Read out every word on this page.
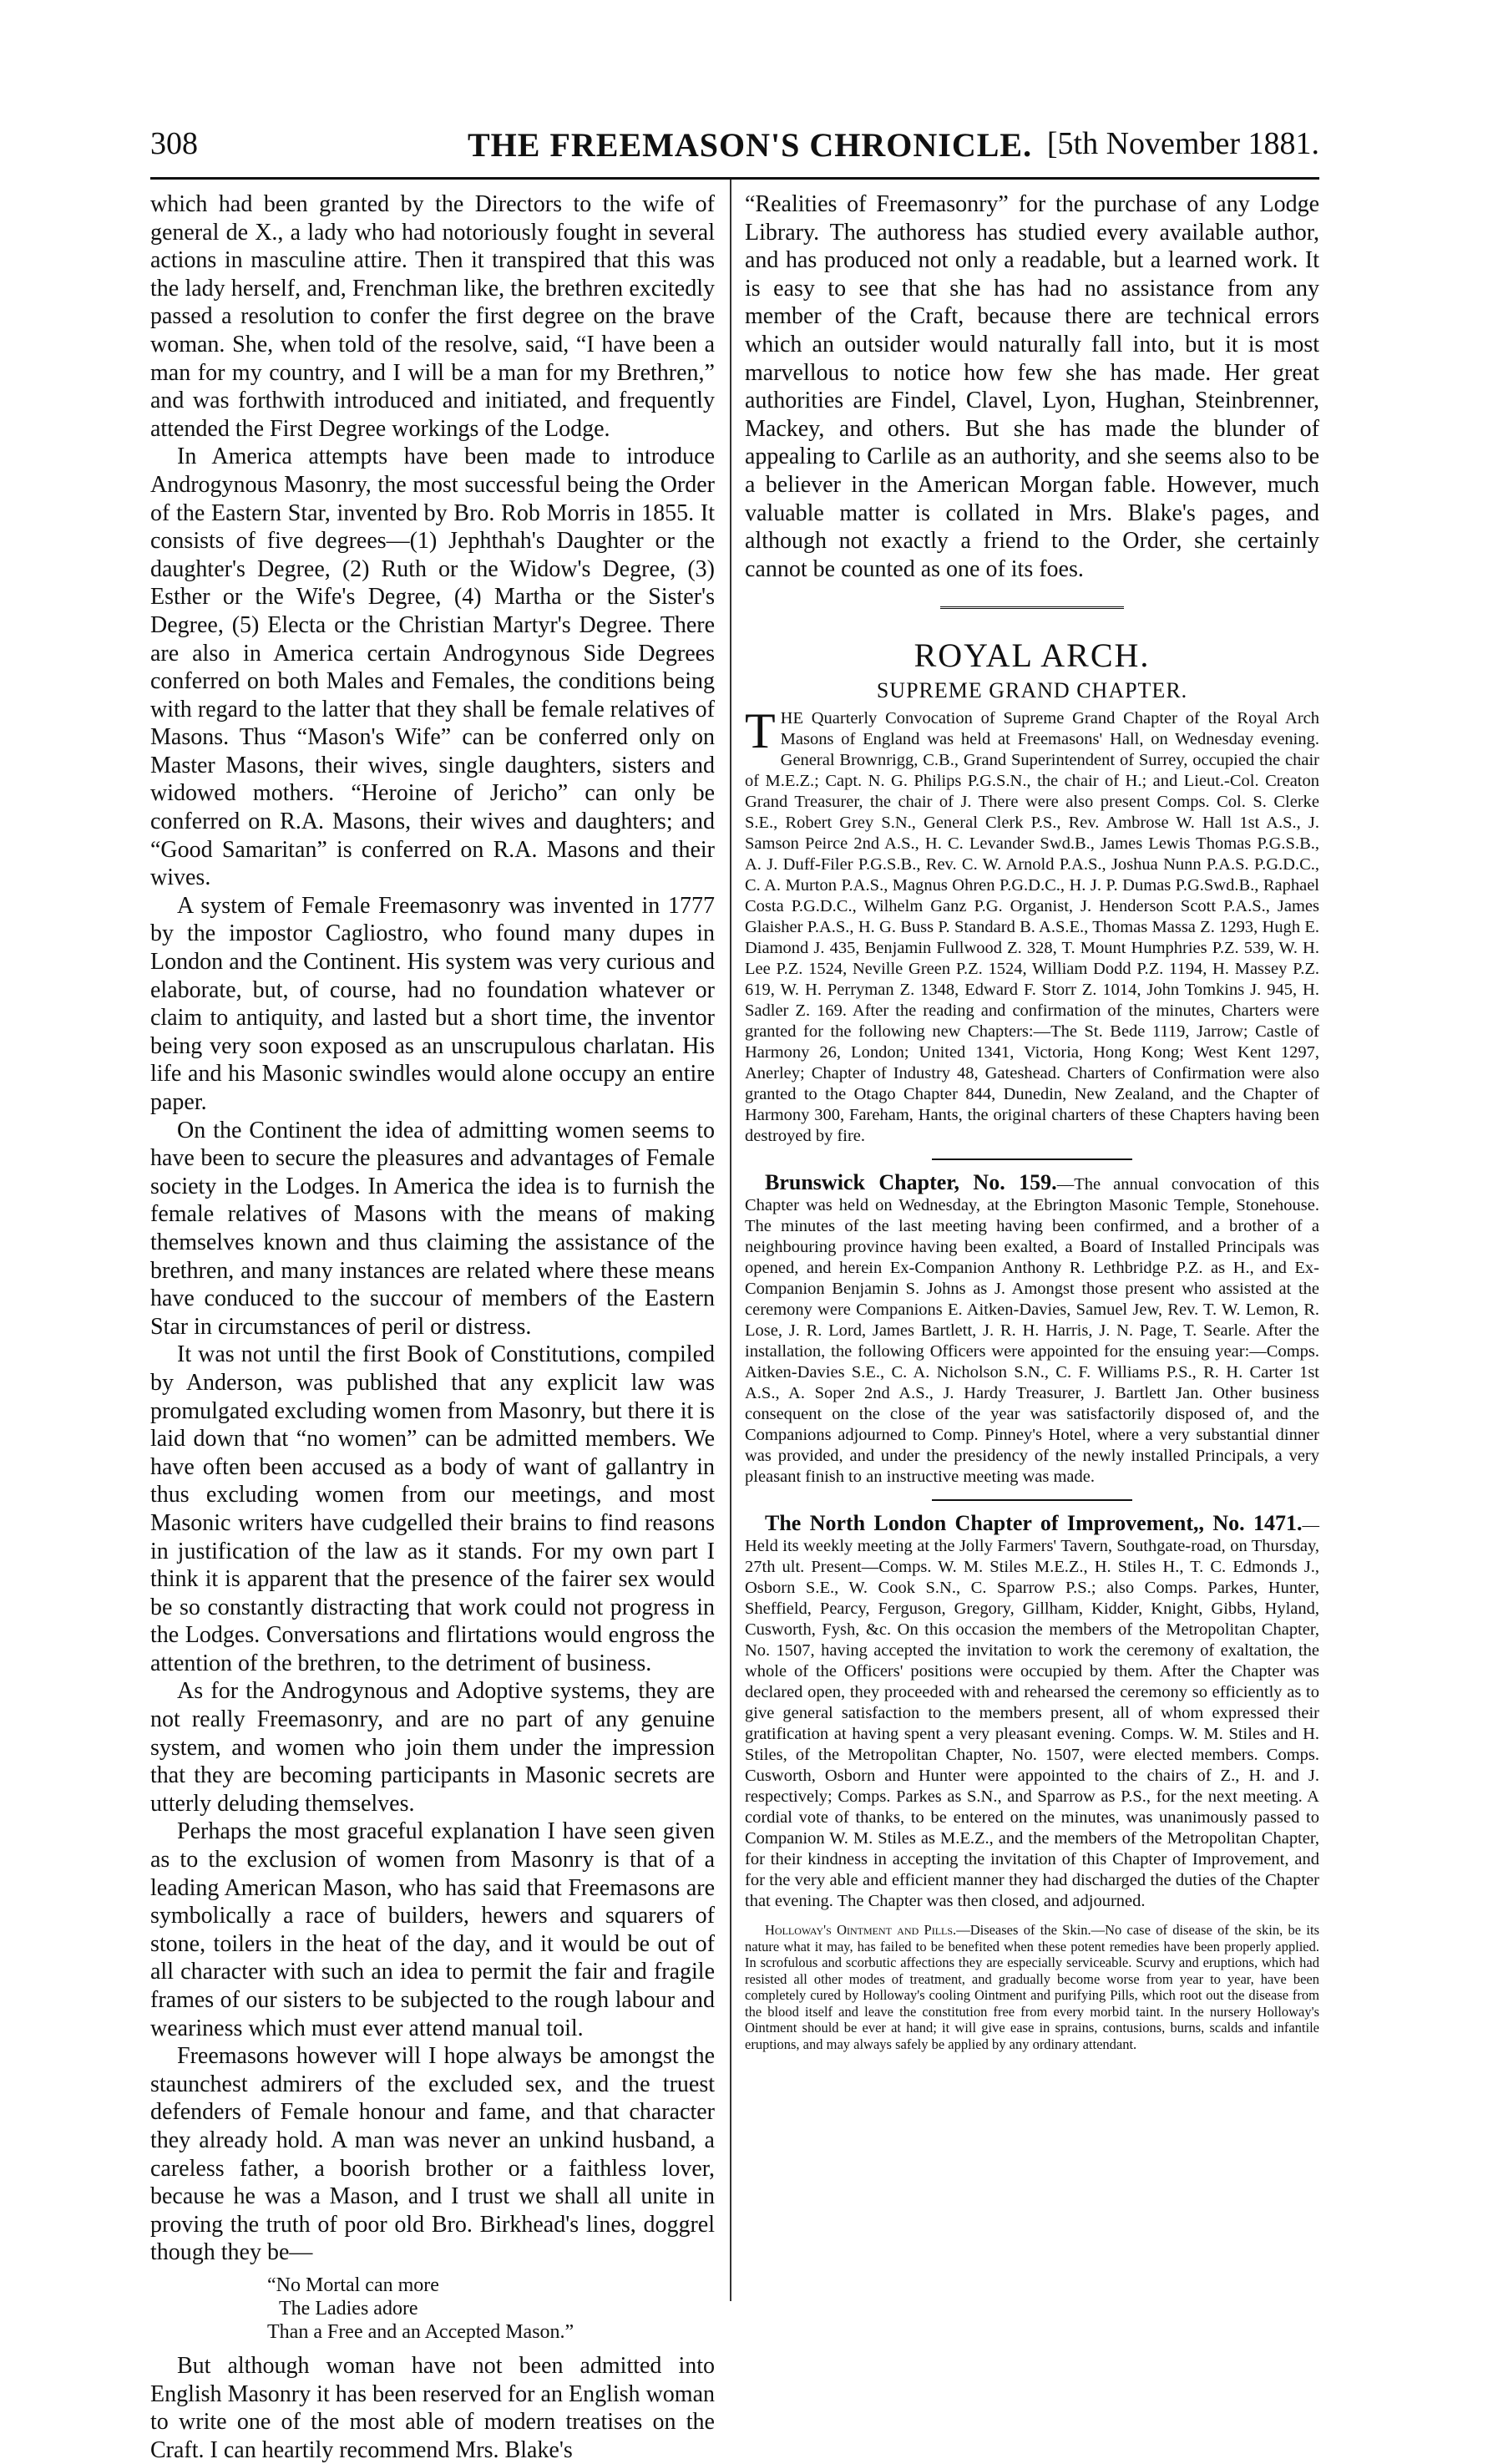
308	THE FREEMASON'S CHRONICLE. [5th November 1881.

which had been granted by the Directors to the wife of general de X., a lady who had notoriously fought in several actions in masculine attire. Then it transpired that this was the lady herself, and, Frenchman like, the brethren excitedly passed a resolution to confer the first degree on the brave woman. She, when told of the resolve, said, “I have been a man for my country, and I will be a man for my Brethren,” and was forthwith introduced and initiated, and frequently attended the First Degree workings of the Lodge.

In America attempts have been made to introduce Androgynous Masonry, the most successful being the Order of the Eastern Star, invented by Bro. Rob Morris in 1855. It consists of five degrees—(1) Jephthah's Daughter or the daughter's Degree, (2) Ruth or the Widow's Degree, (3) Esther or the Wife's Degree, (4) Martha or the Sister's Degree, (5) Electa or the Christian Martyr's Degree. There are also in America certain Androgynous Side Degrees conferred on both Males and Females, the conditions being with regard to the latter that they shall be female relatives of Masons. Thus “Mason's Wife” can be conferred only on Master Masons, their wives, single daughters, sisters and widowed mothers. “Heroine of Jericho” can only be conferred on R.A. Masons, their wives and daughters; and “Good Samaritan” is conferred on R.A. Masons and their wives.

A system of Female Freemasonry was invented in 1777 by the impostor Cagliostro, who found many dupes in London and the Continent. His system was very curious and elaborate, but, of course, had no foundation whatever or claim to antiquity, and lasted but a short time, the inventor being very soon exposed as an unscrupulous charlatan. His life and his Masonic swindles would alone occupy an entire paper.

On the Continent the idea of admitting women seems to have been to secure the pleasures and advantages of Female society in the Lodges. In America the idea is to furnish the female relatives of Masons with the means of making themselves known and thus claiming the assistance of the brethren, and many instances are related where these means have conduced to the succour of members of the Eastern Star in circumstances of peril or distress.

It was not until the first Book of Constitutions, compiled by Anderson, was published that any explicit law was promulgated excluding women from Masonry, but there it is laid down that “no women” can be admitted members. We have often been accused as a body of want of gallantry in thus excluding women from our meetings, and most Masonic writers have cudgelled their brains to find reasons in justification of the law as it stands. For my own part I think it is apparent that the presence of the fairer sex would be so constantly distracting that work could not progress in the Lodges. Conversations and flirtations would engross the attention of the brethren, to the detriment of business.

As for the Androgynous and Adoptive systems, they are not really Freemasonry, and are no part of any genuine system, and women who join them under the impression that they are becoming participants in Masonic secrets are utterly deluding themselves.

Perhaps the most graceful explanation I have seen given as to the exclusion of women from Masonry is that of a leading American Mason, who has said that Freemasons are symbolically a race of builders, hewers and squarers of stone, toilers in the heat of the day, and it would be out of all character with such an idea to permit the fair and fragile frames of our sisters to be subjected to the rough labour and weariness which must ever attend manual toil.

Freemasons however will I hope always be amongst the staunchest admirers of the excluded sex, and the truest defenders of Female honour and fame, and that character they already hold. A man was never an unkind husband, a careless father, a boorish brother or a faithless lover, because he was a Mason, and I trust we shall all unite in proving the truth of poor old Bro. Birkhead's lines, doggrel though they be—

“No Mortal can more
The Ladies adore
Than a Free and an Accepted Mason.”

But although woman have not been admitted into English Masonry it has been reserved for an English woman to write one of the most able of modern treatises on the Craft. I can heartily recommend Mrs. Blake's

“Realities of Freemasonry” for the purchase of any Lodge Library. The authoress has studied every available author, and has produced not only a readable, but a learned work. It is easy to see that she has had no assistance from any member of the Craft, because there are technical errors which an outsider would naturally fall into, but it is most marvellous to notice how few she has made. Her great authorities are Findel, Clavel, Lyon, Hughan, Steinbrenner, Mackey, and others. But she has made the blunder of appealing to Carlile as an authority, and she seems also to be a believer in the American Morgan fable. However, much valuable matter is collated in Mrs. Blake's pages, and although not exactly a friend to the Order, she certainly cannot be counted as one of its foes.

ROYAL ARCH.
SUPREME GRAND CHAPTER.

T HE Quarterly Convocation of Supreme Grand Chapter of the Royal Arch Masons of England was held at Freemasons' Hall, on Wednesday evening. General Brownrigg, C.B., Grand Superintendent of Surrey, occupied the chair of M.E.Z.; Capt. N. G. Philips P.G.S.N., the chair of H.; and Lieut.-Col. Creaton Grand Treasurer, the chair of J. There were also present Comps. Col. S. Clerke S.E., Robert Grey S.N., General Clerk P.S., Rev. Ambrose W. Hall 1st A.S., J. Samson Peirce 2nd A.S., H. C. Levander Swd.B., James Lewis Thomas P.G.S.B., A. J. Duff-Filer P.G.S.B., Rev. C. W. Arnold P.A.S., Joshua Nunn P.A.S. P.G.D.C., C. A. Murton P.A.S., Magnus Ohren P.G.D.C., H. J. P. Dumas P.G.Swd.B., Raphael Costa P.G.D.C., Wilhelm Ganz P.G. Organist, J. Henderson Scott P.A.S., James Glaisher P.A.S., H. G. Buss P. Standard B. A.S.E., Thomas Massa Z. 1293, Hugh E. Diamond J. 435, Benjamin Fullwood Z. 328, T. Mount Humphries P.Z. 539, W. H. Lee P.Z. 1524, Neville Green P.Z. 1524, William Dodd P.Z. 1194, H. Massey P.Z. 619, W. H. Perryman Z. 1348, Edward F. Storr Z. 1014, John Tomkins J. 945, H. Sadler Z. 169. After the reading and confirmation of the minutes, Charters were granted for the following new Chapters:—The St. Bede 1119, Jarrow; Castle of Harmony 26, London; United 1341, Victoria, Hong Kong; West Kent 1297, Anerley; Chapter of Industry 48, Gateshead. Charters of Confirmation were also granted to the Otago Chapter 844, Dunedin, New Zealand, and the Chapter of Harmony 300, Fareham, Hants, the original charters of these Chapters having been destroyed by fire.

Brunswick Chapter, No. 159.—The annual convocation of this Chapter was held on Wednesday, at the Ebrington Masonic Temple, Stonehouse. The minutes of the last meeting having been confirmed, and a brother of a neighbouring province having been exalted, a Board of Installed Principals was opened, and herein Ex-Companion Anthony R. Lethbridge P.Z. as H., and Ex-Companion Benjamin S. Johns as J. Amongst those present who assisted at the ceremony were Companions E. Aitken-Davies, Samuel Jew, Rev. T. W. Lemon, R. Lose, J. R. Lord, James Bartlett, J. R. H. Harris, J. N. Page, T. Searle. After the installation, the following Officers were appointed for the ensuing year:—Comps. Aitken-Davies S.E., C. A. Nicholson S.N., C. F. Williams P.S., R. H. Carter 1st A.S., A. Soper 2nd A.S., J. Hardy Treasurer, J. Bartlett Jan. Other business consequent on the close of the year was satisfactorily disposed of, and the Companions adjourned to Comp. Pinney's Hotel, where a very substantial dinner was provided, and under the presidency of the newly installed Principals, a very pleasant finish to an instructive meeting was made.

The North London Chapter of Improvement,, No. 1471.—Held its weekly meeting at the Jolly Farmers' Tavern, Southgate-road, on Thursday, 27th ult. Present—Comps. W. M. Stiles M.E.Z., H. Stiles H., T. C. Edmonds J., Osborn S.E., W. Cook S.N., C. Sparrow P.S.; also Comps. Parkes, Hunter, Sheffield, Pearcy, Ferguson, Gregory, Gillham, Kidder, Knight, Gibbs, Hyland, Cusworth, Fysh, &c. On this occasion the members of the Metropolitan Chapter, No. 1507, having accepted the invitation to work the ceremony of exaltation, the whole of the Officers' positions were occupied by them. After the Chapter was declared open, they proceeded with and rehearsed the ceremony so efficiently as to give general satisfaction to the members present, all of whom expressed their gratification at having spent a very pleasant evening. Comps. W. M. Stiles and H. Stiles, of the Metropolitan Chapter, No. 1507, were elected members. Comps. Cusworth, Osborn and Hunter were appointed to the chairs of Z., H. and J. respectively; Comps. Parkes as S.N., and Sparrow as P.S., for the next meeting. A cordial vote of thanks, to be entered on the minutes, was unanimously passed to Companion W. M. Stiles as M.E.Z., and the members of the Metropolitan Chapter, for their kindness in accepting the invitation of this Chapter of Improvement, and for the very able and efficient manner they had discharged the duties of the Chapter that evening. The Chapter was then closed, and adjourned.

Holloway's Ointment and Pills.—Diseases of the Skin.—No case of disease of the skin, be its nature what it may, has failed to be benefited when these potent remedies have been properly applied. In scrofulous and scorbutic affections they are especially serviceable. Scurvy and eruptions, which had resisted all other modes of treatment, and gradually become worse from year to year, have been completely cured by Holloway's cooling Ointment and purifying Pills, which root out the disease from the blood itself and leave the constitution free from every morbid taint. In the nursery Holloway's Ointment should be ever at hand; it will give ease in sprains, contusions, burns, scalds and infantile eruptions, and may always safely be applied by any ordinary attendant.
